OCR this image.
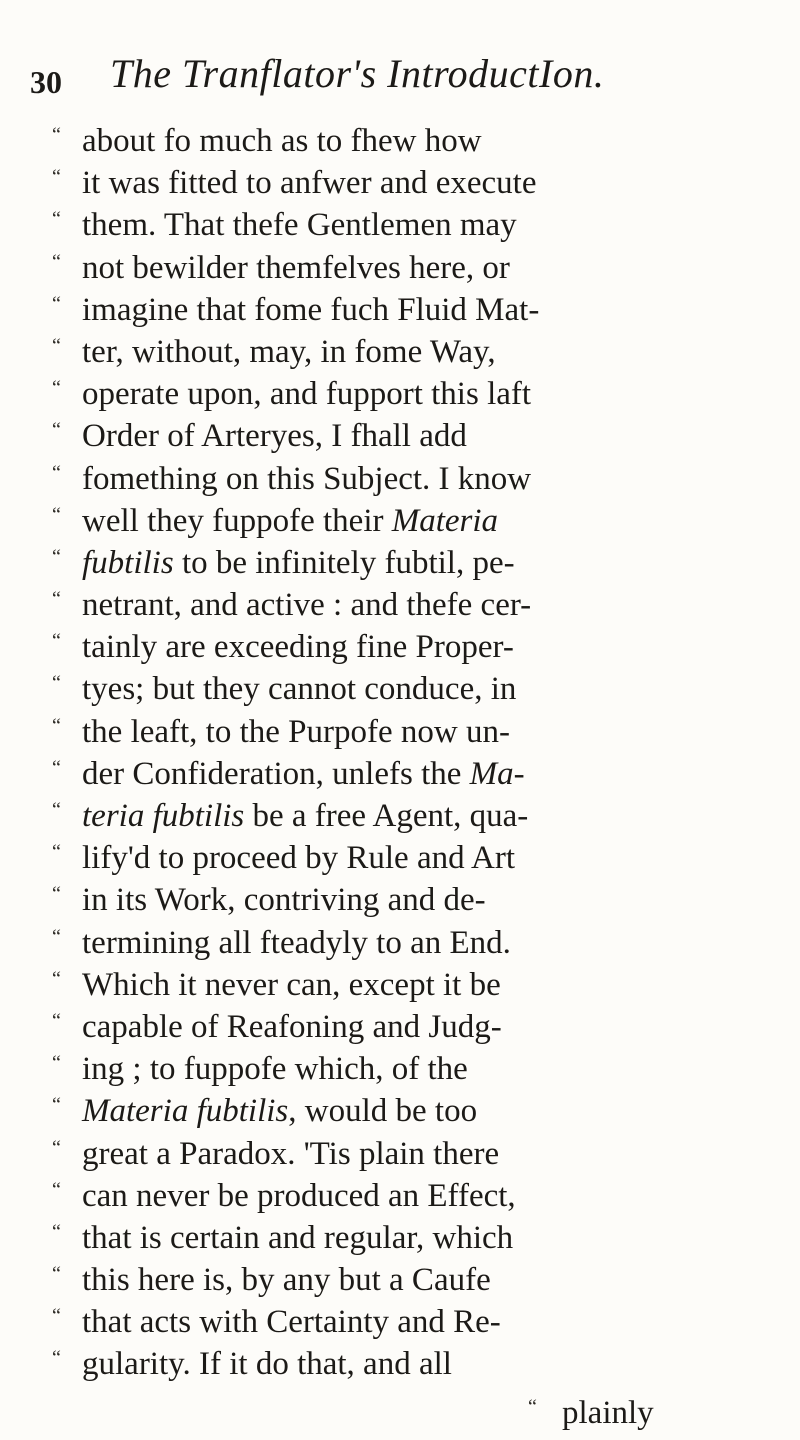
30 The Tranflator's IntroductIon.
“ about fo much as to fhew how
“ it was fitted to anfwer and execute
“ them. That thefe Gentlemen may
“ not bewilder themfelves here, or
“ imagine that fome fuch Fluid Mat-
“ ter, without, may, in fome Way,
“ operate upon, and fupport this laft
“ Order of Arteryes, I fhall add
“ fomething on this Subject. I know
“ well they fuppofe their Materia
“ fubtilis to be infinitely fubtil, pe-
“ netrant, and active : and thefe cer-
“ tainly are exceeding fine Proper-
“ tyes; but they cannot conduce, in
“ the leaft, to the Purpofe now un-
“ der Confideration, unlefs the Ma-
“ teria fubtilis be a free Agent, qua-
“ lify'd to proceed by Rule and Art
“ in its Work, contriving and de-
“ termining all fteadyly to an End.
“ Which it never can, except it be
“ capable of Reafoning and Judg-
“ ing ; to fuppofe which, of the
“ Materia fubtilis, would be too
“ great a Paradox. 'Tis plain there
“ can never be produced an Effect,
“ that is certain and regular, which
“ this here is, by any but a Caufe
“ that acts with Certainty and Re-
“ gularity. If it do that, and all
“ plainly
